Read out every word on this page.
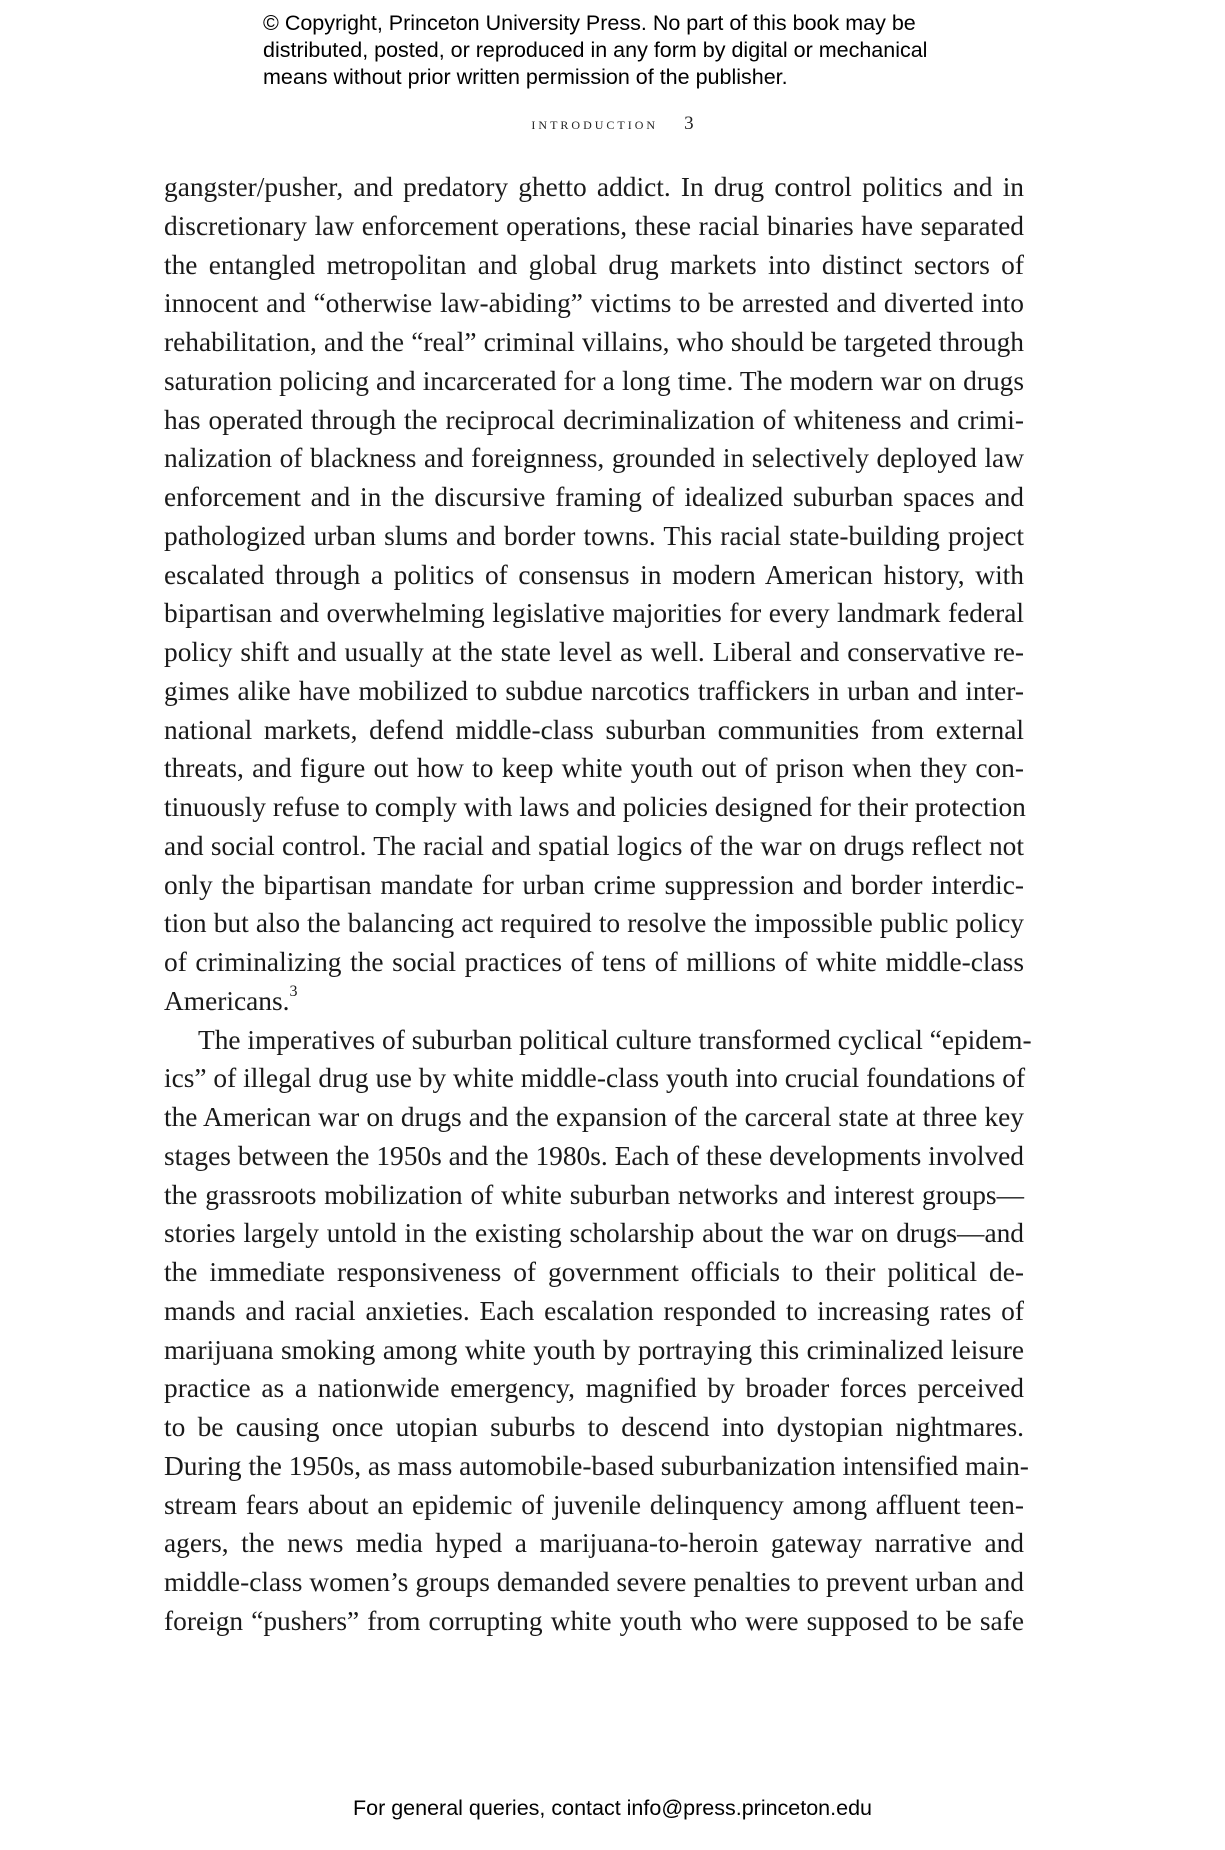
© Copyright, Princeton University Press. No part of this book may be
distributed, posted, or reproduced in any form by digital or mechanical
means without prior written permission of the publisher.
introduction 3
gangster/pusher, and predatory ghetto addict. In drug control politics and in
discretionary law enforcement operations, these racial binaries have separated
the entangled metropolitan and global drug markets into distinct sectors of
innocent and “otherwise law-abiding” victims to be arrested and diverted into
rehabilitation, and the “real” criminal villains, who should be targeted through
saturation policing and incarcerated for a long time. The modern war on drugs
has operated through the reciprocal decriminalization of whiteness and crimi-
nalization of blackness and foreignness, grounded in selectively deployed law
enforcement and in the discursive framing of idealized suburban spaces and
pathologized urban slums and border towns. This racial state-building project
escalated through a politics of consensus in modern American history, with
bipartisan and overwhelming legislative majorities for every landmark federal
policy shift and usually at the state level as well. Liberal and conservative re-
gimes alike have mobilized to subdue narcotics traffickers in urban and inter-
national markets, defend middle-class suburban communities from external
threats, and figure out how to keep white youth out of prison when they con-
tinuously refuse to comply with laws and policies designed for their protection
and social control. The racial and spatial logics of the war on drugs reflect not
only the bipartisan mandate for urban crime suppression and border interdic-
tion but also the balancing act required to resolve the impossible public policy
of criminalizing the social practices of tens of millions of white middle-class
Americans.$^3$
The imperatives of suburban political culture transformed cyclical “epidem-
ics” of illegal drug use by white middle-class youth into crucial foundations of
the American war on drugs and the expansion of the carceral state at three key
stages between the 1950s and the 1980s. Each of these developments involved
the grassroots mobilization of white suburban networks and interest groups—
stories largely untold in the existing scholarship about the war on drugs—and
the immediate responsiveness of government officials to their political de-
mands and racial anxieties. Each escalation responded to increasing rates of
marijuana smoking among white youth by portraying this criminalized leisure
practice as a nationwide emergency, magnified by broader forces perceived
to be causing once utopian suburbs to descend into dystopian nightmares.
During the 1950s, as mass automobile-based suburbanization intensified main-
stream fears about an epidemic of juvenile delinquency among affluent teen-
agers, the news media hyped a marijuana-to-heroin gateway narrative and
middle-class women’s groups demanded severe penalties to prevent urban and
foreign “pushers” from corrupting white youth who were supposed to be safe
For general queries, contact info@press.princeton.edu
